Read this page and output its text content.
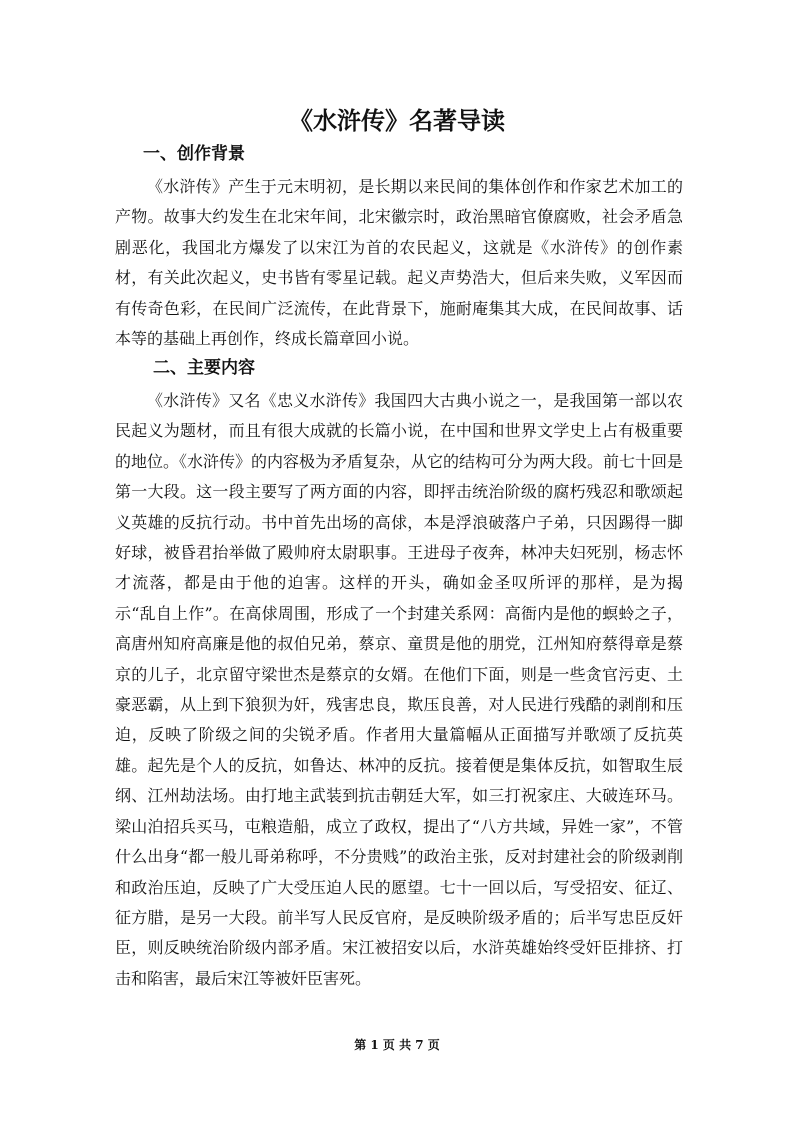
《水浒传》名著导读
一、创作背景

《水浒传》产生于元末明初，是长期以来民间的集体创作和作家艺术加工的产物。故事大约发生在北宋年间，北宋徽宗时，政治黑暗官僚腐败，社会矛盾急剧恶化，我国北方爆发了以宋江为首的农民起义，这就是《水浒传》的创作素材，有关此次起义，史书皆有零星记载。起义声势浩大，但后来失败，义军因而有传奇色彩，在民间广泛流传，在此背景下，施耐庵集其大成，在民间故事、话本等的基础上再创作，终成长篇章回小说。

二、主要内容

《水浒传》又名《忠义水浒传》我国四大古典小说之一，是我国第一部以农民起义为题材，而且有很大成就的长篇小说，在中国和世界文学史上占有极重要的地位。《水浒传》的内容极为矛盾复杂，从它的结构可分为两大段。前七十回是第一大段。这一段主要写了两方面的内容，即抨击统治阶级的腐朽残忍和歌颂起义英雄的反抗行动。书中首先出场的高俅，本是浮浪破落户子弟，只因踢得一脚好球，被昏君抬举做了殿帅府太尉职事。王进母子夜奔，林冲夫妇死别，杨志怀才流落，都是由于他的迫害。这样的开头，确如金圣叹所评的那样，是为揭示“乱自上作”。在高俅周围，形成了一个封建关系网：高衙内是他的螟蛉之子，高唐州知府高廉是他的叔伯兄弟，蔡京、童贯是他的朋党，江州知府蔡得章是蔡京的儿子，北京留守梁世杰是蔡京的女婿。在他们下面，则是一些贪官污吏、土豪恶霸，从上到下狼狈为奸，残害忠良，欺压良善，对人民进行残酷的剥削和压迫，反映了阶级之间的尖锐矛盾。作者用大量篇幅从正面描写并歌颂了反抗英雄。起先是个人的反抗，如鲁达、林冲的反抗。接着便是集体反抗，如智取生辰纲、江州劫法场。由打地主武装到抗击朝廷大军，如三打祝家庄、大破连环马。梁山泊招兵买马，屯粮造船，成立了政权，提出了“八方共域，异姓一家”，不管什么出身“都一般儿哥弟称呼，不分贵贱”的政治主张，反对封建社会的阶级剥削和政治压迫，反映了广大受压迫人民的愿望。七十一回以后，写受招安、征辽、征方腊，是另一大段。前半写人民反官府，是反映阶级矛盾的；后半写忠臣反奸臣，则反映统治阶级内部矛盾。宋江被招安以后，水浒英雄始终受奸臣排挤、打击和陷害，最后宋江等被奸臣害死。

第 1 页 共 7 页
